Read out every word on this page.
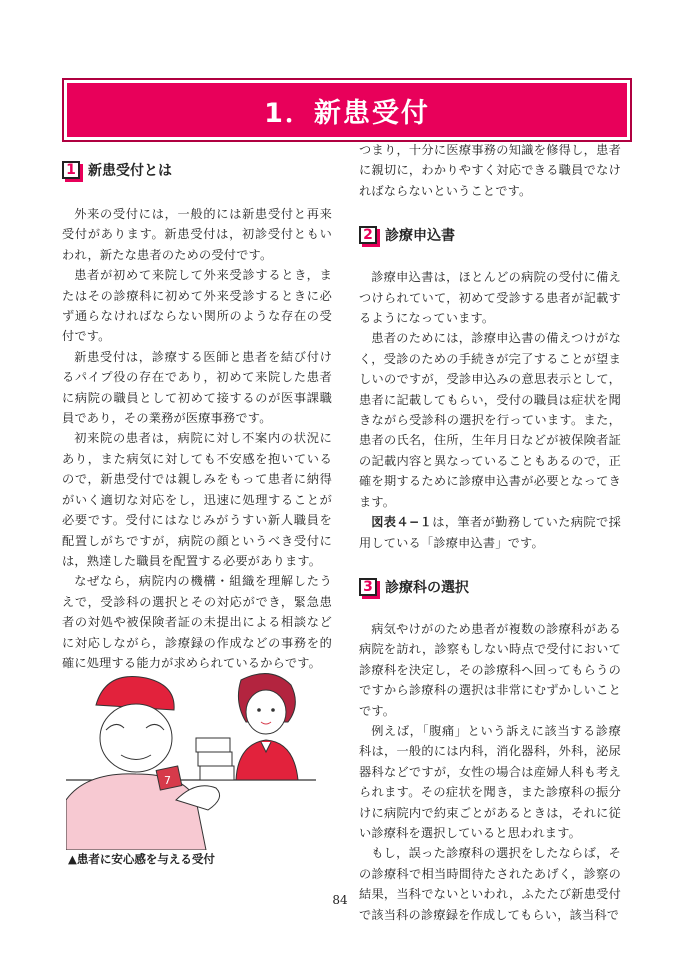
1．新患受付
1 新患受付とは

外来の受付には，一般的には新患受付と再来受付があります。新患受付は，初診受付ともいわれ，新たな患者のための受付です。

患者が初めて来院して外来受診するとき，またはその診療科に初めて外来受診するときに必ず通らなければならない関所のような存在の受付です。

新患受付は，診療する医師と患者を結び付けるパイプ役の存在であり，初めて来院した患者に病院の職員として初めて接するのが医事課職員であり，その業務が医療事務です。

初来院の患者は，病院に対し不案内の状況にあり，また病気に対しても不安感を抱いているので，新患受付では親しみをもって患者に納得がいく適切な対応をし，迅速に処理することが必要です。受付にはなじみがうすい新人職員を配置しがちですが，病院の顔というべき受付には，熟達した職員を配置する必要があります。

なぜなら，病院内の機構・組織を理解したうえで，受診科の選択とその対応ができ，緊急患者の対処や被保険者証の未提出による相談などに対応しながら，診療録の作成などの事務を的確に処理する能力が求められているからです。

7
▲患者に安心感を与える受付

つまり，十分に医療事務の知識を修得し，患者に親切に，わかりやすく対応できる職員でなければならないということです。

2 診療申込書

診療申込書は，ほとんどの病院の受付に備えつけられていて，初めて受診する患者が記載するようになっています。

患者のためには，診療申込書の備えつけがなく，受診のための手続きが完了することが望ましいのですが，受診申込みの意思表示として，患者に記載してもらい，受付の職員は症状を聞きながら受診科の選択を行っています。また，患者の氏名，住所，生年月日などが被保険者証の記載内容と異なっていることもあるので，正確を期するために診療申込書が必要となってきます。

図表４−１は，筆者が勤務していた病院で採用している「診療申込書」です。

3 診療科の選択

病気やけがのため患者が複数の診療科がある病院を訪れ，診察もしない時点で受付において診療科を決定し，その診療科へ回ってもらうのですから診療科の選択は非常にむずかしいことです。

例えば，「腹痛」という訴えに該当する診療科は，一般的には内科，消化器科，外科，泌尿器科などですが，女性の場合は産婦人科も考えられます。その症状を聞き，また診療科の振分けに病院内で約束ごとがあるときは，それに従い診療科を選択していると思われます。

もし，誤った診療科の選択をしたならば，その診療科で相当時間待たされたあげく，診察の結果，当科でないといわれ，ふたたび新患受付で該当科の診療録を作成してもらい，該当科で

84
